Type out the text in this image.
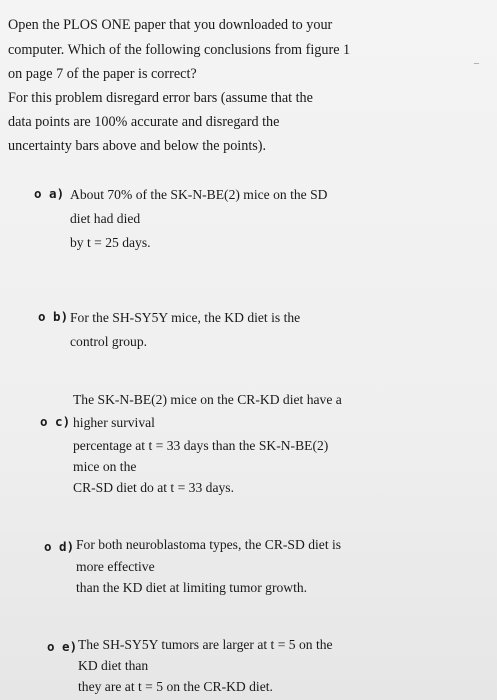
Open the PLOS ONE paper that you downloaded to your
computer. Which of the following conclusions from figure 1
on page 7 of the paper is correct?
For this problem disregard error bars (assume that the
data points are 100% accurate and disregard the
uncertainty bars above and below the points).
–
o a) About 70% of the SK-N-BE(2) mice on the SD
diet had died
by t = 25 days.
o b) For the SH-SY5Y mice, the KD diet is the
control group.
o c)
The SK-N-BE(2) mice on the CR-KD diet have a
higher survival
percentage at t = 33 days than the SK-N-BE(2)
mice on the
CR-SD diet do at t = 33 days.
o d) For both neuroblastoma types, the CR-SD diet is
more effective
than the KD diet at limiting tumor growth.
o e) The SH-SY5Y tumors are larger at t = 5 on the
KD diet than
they are at t = 5 on the CR-KD diet.
